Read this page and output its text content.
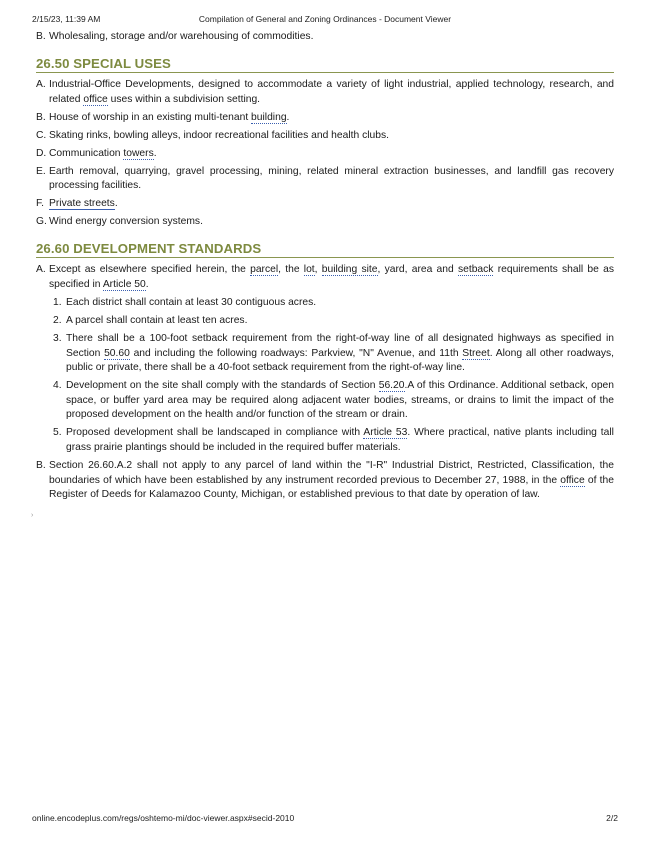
2/15/23, 11:39 AM	Compilation of General and Zoning Ordinances - Document Viewer
B. Wholesaling, storage and/or warehousing of commodities.
26.50 SPECIAL USES
A. Industrial-Office Developments, designed to accommodate a variety of light industrial, applied technology, research, and related office uses within a subdivision setting.
B. House of worship in an existing multi-tenant building.
C. Skating rinks, bowling alleys, indoor recreational facilities and health clubs.
D. Communication towers.
E. Earth removal, quarrying, gravel processing, mining, related mineral extraction businesses, and landfill gas recovery processing facilities.
F. Private streets.
G. Wind energy conversion systems.
26.60 DEVELOPMENT STANDARDS
A. Except as elsewhere specified herein, the parcel, the lot, building site, yard, area and setback requirements shall be as specified in Article 50.
1. Each district shall contain at least 30 contiguous acres.
2. A parcel shall contain at least ten acres.
3. There shall be a 100-foot setback requirement from the right-of-way line of all designated highways as specified in Section 50.60 and including the following roadways: Parkview, "N" Avenue, and 11th Street. Along all other roadways, public or private, there shall be a 40-foot setback requirement from the right-of-way line.
4. Development on the site shall comply with the standards of Section 56.20.A of this Ordinance. Additional setback, open space, or buffer yard area may be required along adjacent water bodies, streams, or drains to limit the impact of the proposed development on the health and/or function of the stream or drain.
5. Proposed development shall be landscaped in compliance with Article 53. Where practical, native plants including tall grass prairie plantings should be included in the required buffer materials.
B. Section 26.60.A.2 shall not apply to any parcel of land within the "I-R" Industrial District, Restricted, Classification, the boundaries of which have been established by any instrument recorded previous to December 27, 1988, in the office of the Register of Deeds for Kalamazoo County, Michigan, or established previous to that date by operation of law.
›
online.encodeplus.com/regs/oshtemo-mi/doc-viewer.aspx#secid-2010	2/2
